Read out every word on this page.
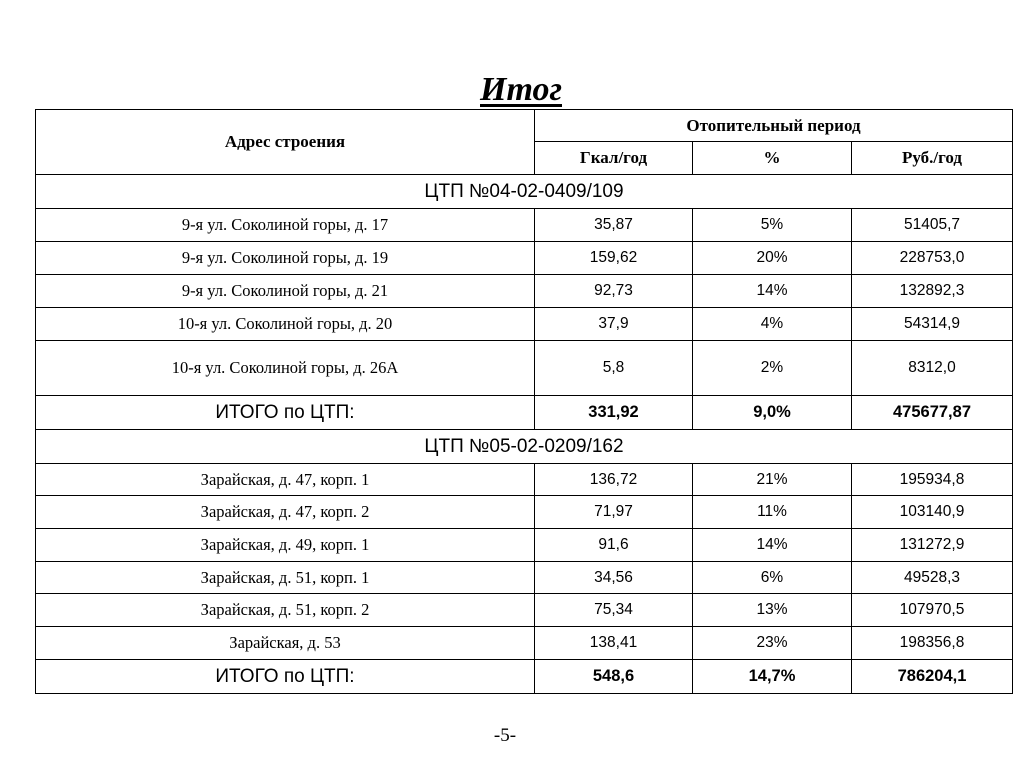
Итог
Адрес строения	Отопительный период		
	Гкал/год	%	Руб./год
ЦТП №04-02-0409/109			
9-я ул. Соколиной горы, д. 17	35,87	5%	51405,7
9-я ул. Соколиной горы, д. 19	159,62	20%	228753,0
9-я ул. Соколиной горы, д. 21	92,73	14%	132892,3
10-я ул. Соколиной горы, д. 20	37,9	4%	54314,9
10-я ул. Соколиной горы, д. 26А	5,8	2%	8312,0
ИТОГО по ЦТП:	331,92	9,0%	475677,87
ЦТП №05-02-0209/162			
Зарайская, д. 47, корп. 1	136,72	21%	195934,8
Зарайская, д. 47, корп. 2	71,97	11%	103140,9
Зарайская, д. 49, корп. 1	91,6	14%	131272,9
Зарайская, д. 51, корп. 1	34,56	6%	49528,3
Зарайская, д. 51, корп. 2	75,34	13%	107970,5
Зарайская, д. 53	138,41	23%	198356,8
ИТОГО по ЦТП:	548,6	14,7%	786204,1
-5-
